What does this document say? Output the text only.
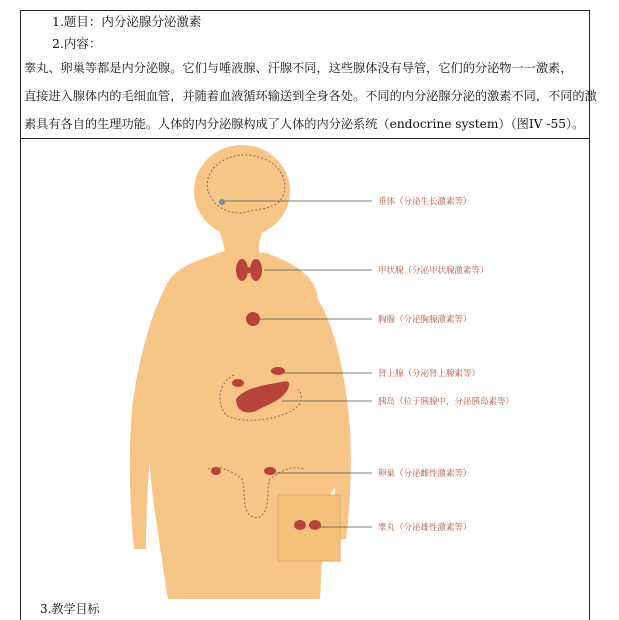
1.题目：内分泌腺分泌激素
2.内容：
睾丸、卵巢等都是内分泌腺。它们与唾液腺、汗腺不同，这些腺体没有导管，它们的分泌物一一激素，
直接进入腺体内的毛细血管，并随着血液循环输送到全身各处。不同的内分泌腺分泌的激素不同，不同的激
素具有各自的生理功能。人体的内分泌腺构成了人体的内分泌系统（endocrine system）（图IV -55）。
垂体（分泌生长激素等）
甲状腺（分泌甲状腺激素等）
胸腺（分泌胸腺激素等）
肾上腺（分泌肾上腺素等）
胰岛（位于胰腺中，分泌胰岛素等）
卵巢（分泌雌性激素等）
睾丸（分泌雄性激素等）
3.教学目标
